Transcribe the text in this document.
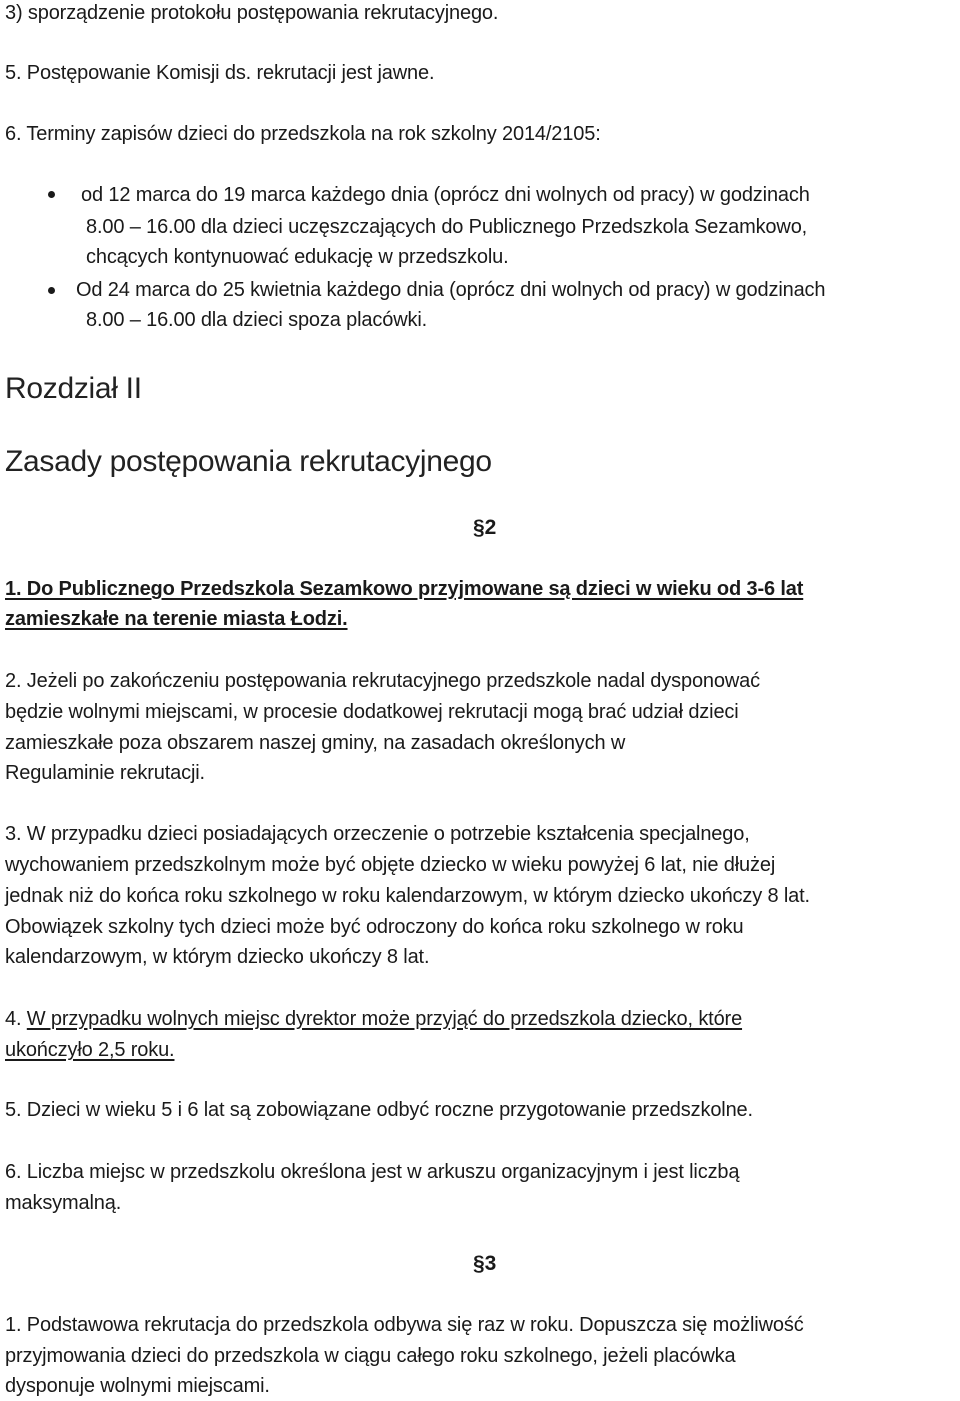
3) sporządzenie protokołu postępowania rekrutacyjnego.
5. Postępowanie Komisji ds. rekrutacji jest jawne.
6. Terminy zapisów dzieci do przedszkola na rok szkolny 2014/2105:
od 12 marca do 19 marca każdego dnia (oprócz dni wolnych od pracy) w godzinach
8.00 – 16.00 dla dzieci uczęszczających do Publicznego Przedszkola Sezamkowo,
chcących kontynuować edukację w przedszkolu.
Od 24 marca do 25 kwietnia każdego dnia (oprócz dni wolnych od pracy) w godzinach
8.00 – 16.00 dla dzieci spoza placówki.
Rozdział II
Zasady postępowania rekrutacyjnego
§2
1. Do Publicznego Przedszkola Sezamkowo przyjmowane są dzieci w wieku od 3-6 lat
zamieszkałe na terenie miasta Łodzi.
2. Jeżeli po zakończeniu postępowania rekrutacyjnego przedszkole nadal dysponować
będzie wolnymi miejscami, w procesie dodatkowej rekrutacji mogą brać udział dzieci
zamieszkałe poza obszarem naszej gminy, na zasadach określonych w
Regulaminie rekrutacji.
3. W przypadku dzieci posiadających orzeczenie o potrzebie kształcenia specjalnego,
wychowaniem przedszkolnym może być objęte dziecko w wieku powyżej 6 lat, nie dłużej
jednak niż do końca roku szkolnego w roku kalendarzowym, w którym dziecko ukończy 8 lat.
Obowiązek szkolny tych dzieci może być odroczony do końca roku szkolnego w roku
kalendarzowym, w którym dziecko ukończy 8 lat.
4. W przypadku wolnych miejsc dyrektor może przyjąć do przedszkola dziecko, które
ukończyło 2,5 roku.
5. Dzieci w wieku 5 i 6 lat są zobowiązane odbyć roczne przygotowanie przedszkolne.
6. Liczba miejsc w przedszkolu określona jest w arkuszu organizacyjnym i jest liczbą
maksymalną.
§3
1. Podstawowa rekrutacja do przedszkola odbywa się raz w roku. Dopuszcza się możliwość
przyjmowania dzieci do przedszkola w ciągu całego roku szkolnego, jeżeli placówka
dysponuje wolnymi miejscami.
